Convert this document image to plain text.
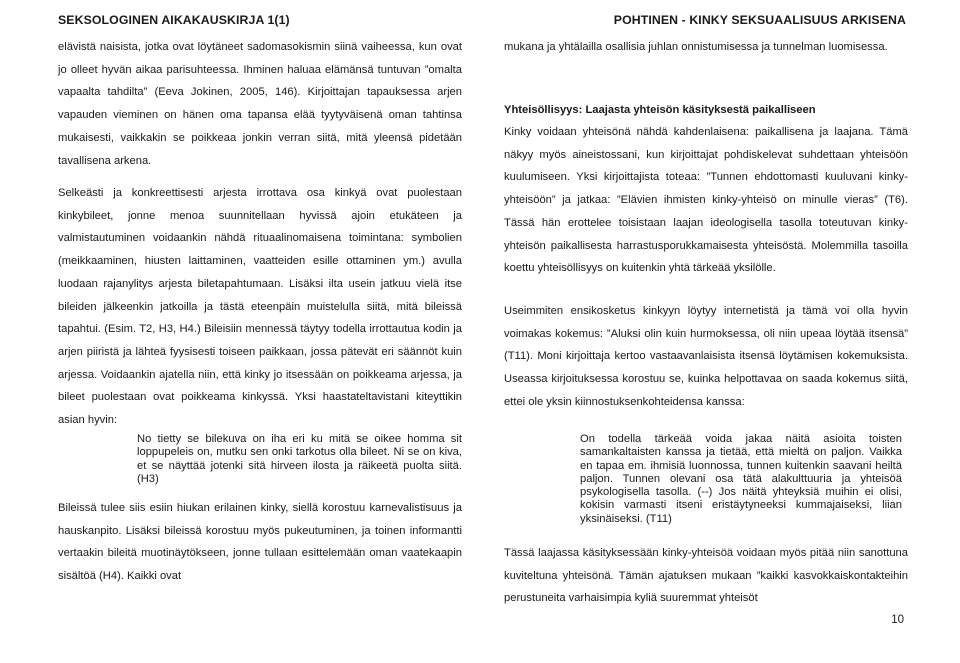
SEKSOLOGINEN AIKAKAUSKIRJA 1(1)

elävistä naisista, jotka ovat löytäneet sadomasokismin siinä vaiheessa, kun ovat jo olleet hyvän aikaa parisuhteessa. Ihminen haluaa elämänsä tuntuvan ”omalta vapaalta tahdilta” (Eeva Jokinen, 2005, 146). Kirjoittajan tapauksessa arjen vapauden vieminen on hänen oma tapansa elää tyytyväisenä oman tahtinsa mukaisesti, vaikkakin se poikkeaa jonkin verran siitä, mitä yleensä pidetään tavallisena arkena.

Selkeästi ja konkreettisesti arjesta irrottava osa kinkyä ovat puolestaan kinkybileet, jonne menoa suunnitellaan hyvissä ajoin etukäteen ja valmistautuminen voidaankin nähdä rituaalinomaisena toimintana: symbolien (meikkaaminen, hiusten laittaminen, vaatteiden esille ottaminen ym.) avulla luodaan rajanylitys arjesta biletapahtumaan. Lisäksi ilta usein jatkuu vielä itse bileiden jälkeenkin jatkoilla ja tästä eteenpäin muistelulla siitä, mitä bileissä tapahtui. (Esim. T2, H3, H4.) Bileisiin mennessä täytyy todella irrottautua kodin ja arjen piiristä ja lähteä fyysisesti toiseen paikkaan, jossa pätevät eri säännöt kuin arjessa. Voidaankin ajatella niin, että kinky jo itsessään on poikkeama arjessa, ja bileet puolestaan ovat poikkeama kinkyssä. Yksi haastateltavistani kiteyttikin asian hyvin:

No tietty se bilekuva on iha eri ku mitä se oikee homma sit loppupeleis on, mutku sen onki tarkotus olla bileet. Ni se on kiva, et se näyttää jotenki sitä hirveen ilosta ja räikeetä puolta siitä. (H3)

Bileissä tulee siis esiin hiukan erilainen kinky, siellä korostuu karnevalistisuus ja hauskanpito. Lisäksi bileissä korostuu myös pukeutuminen, ja toinen informantti vertaakin bileitä muotinäytökseen, jonne tullaan esittelemään oman vaatekaapin sisältöä (H4). Kaikki ovat

POHTINEN - KINKY SEKSUAALISUUS ARKISENA

mukana ja yhtälailla osallisia juhlan onnistumisessa ja tunnelman luomisessa.

Yhteisöllisyys: Laajasta yhteisön käsityksestä paikalliseen

Kinky voidaan yhteisönä nähdä kahdenlaisena: paikallisena ja laajana. Tämä näkyy myös aineistossani, kun kirjoittajat pohdiskelevat suhdettaan yhteisöön kuulumiseen. Yksi kirjoittajista toteaa: ”Tunnen ehdottomasti kuuluvani kinky-yhteisöön” ja jatkaa: ”Elävien ihmisten kinky-yhteisö on minulle vieras” (T6). Tässä hän erottelee toisistaan laajan ideologisella tasolla toteutuvan kinky-yhteisön paikallisesta harrastusporukkamaisesta yhteisöstä. Molemmilla tasoilla koettu yhteisöllisyys on kuitenkin yhtä tärkeää yksilölle.

Useimmiten ensikosketus kinkyyn löytyy internetistä ja tämä voi olla hyvin voimakas kokemus: ”Aluksi olin kuin hurmoksessa, oli niin upeaa löytää itsensä” (T11). Moni kirjoittaja kertoo vastaavanlaisista itsensä löytämisen kokemuksista. Useassa kirjoituksessa korostuu se, kuinka helpottavaa on saada kokemus siitä, ettei ole yksin kiinnostuksenkohteidensa kanssa:

On todella tärkeää voida jakaa näitä asioita toisten samankaltaisten kanssa ja tietää, että mieltä on paljon. Vaikka en tapaa em. ihmisiä luonnossa, tunnen kuitenkin saavani heiltä paljon. Tunnen olevani osa tätä alakulttuuria ja yhteisöä psykologisella tasolla. (--) Jos näitä yhteyksiä muihin ei olisi, kokisin varmasti itseni eristäytyneeksi kummajaiseksi, liian yksinäiseksi. (T11)

Tässä laajassa käsityksessään kinky-yhteisöä voidaan myös pitää niin sanottuna kuviteltuna yhteisönä. Tämän ajatuksen mukaan ”kaikki kasvokkaiskontakteihin perustuneita varhaisimpia kyliä suuremmat yhteisöt

10
